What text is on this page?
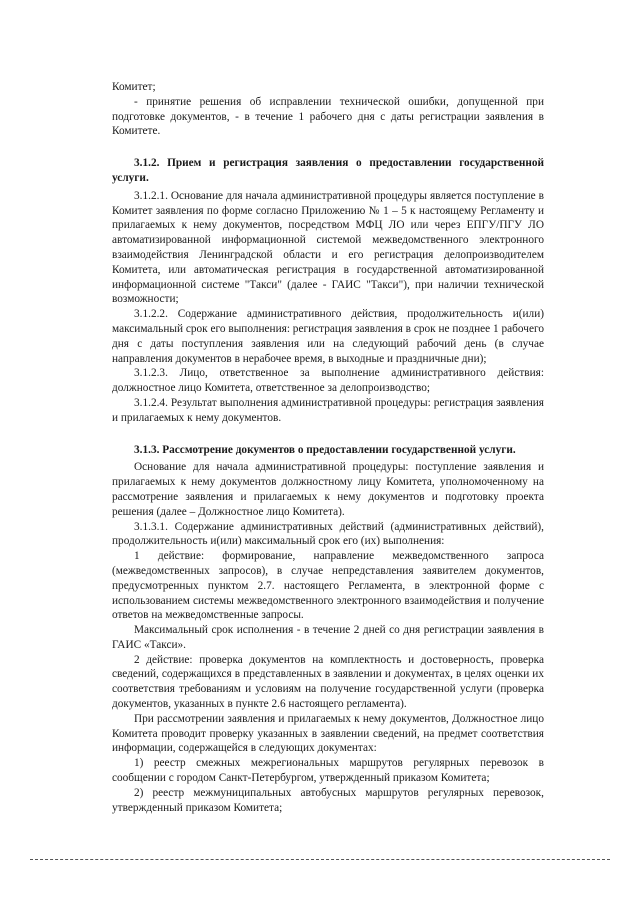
Комитет;

- принятие решения об исправлении технической ошибки, допущенной при подготовке документов, - в течение 1 рабочего дня с даты регистрации заявления в Комитете.

3.1.2. Прием и регистрация заявления о предоставлении государственной услуги.

3.1.2.1. Основание для начала административной процедуры является поступление в Комитет заявления по форме согласно Приложению № 1 – 5 к настоящему Регламенту и прилагаемых к нему документов, посредством МФЦ ЛО или через ЕПГУ/ПГУ ЛО автоматизированной информационной системой межведомственного электронного взаимодействия Ленинградской области и его регистрация делопроизводителем Комитета, или автоматическая регистрация в государственной автоматизированной информационной системе "Такси" (далее - ГАИС "Такси"), при наличии технической возможности;

3.1.2.2. Содержание административного действия, продолжительность и(или) максимальный срок его выполнения: регистрация заявления в срок не позднее 1 рабочего дня с даты поступления заявления или на следующий рабочий день (в случае направления документов в нерабочее время, в выходные и праздничные дни);

3.1.2.3. Лицо, ответственное за выполнение административного действия: должностное лицо Комитета, ответственное за делопроизводство;

3.1.2.4. Результат выполнения административной процедуры: регистрация заявления и прилагаемых к нему документов.

3.1.3. Рассмотрение документов о предоставлении государственной услуги.

Основание для начала административной процедуры: поступление заявления и прилагаемых к нему документов должностному лицу Комитета, уполномоченному на рассмотрение заявления и прилагаемых к нему документов и подготовку проекта решения (далее – Должностное лицо Комитета).

3.1.3.1. Содержание административных действий (административных действий), продолжительность и(или) максимальный срок его (их) выполнения:

1 действие: формирование, направление межведомственного запроса (межведомственных запросов), в случае непредставления заявителем документов, предусмотренных пунктом 2.7. настоящего Регламента, в электронной форме с использованием системы межведомственного электронного взаимодействия и получение ответов на межведомственные запросы.

Максимальный срок исполнения - в течение 2 дней со дня регистрации заявления в ГАИС «Такси».

2 действие: проверка документов на комплектность и достоверность, проверка сведений, содержащихся в представленных в заявлении и документах, в целях оценки их соответствия требованиям и условиям на получение государственной услуги (проверка документов, указанных в пункте 2.6 настоящего регламента).

При рассмотрении заявления и прилагаемых к нему документов, Должностное лицо Комитета проводит проверку указанных в заявлении сведений, на предмет соответствия информации, содержащейся в следующих документах:

1) реестр смежных межрегиональных маршрутов регулярных перевозок в сообщении с городом Санкт-Петербургом, утвержденный приказом Комитета;

2) реестр межмуниципальных автобусных маршрутов регулярных перевозок, утвержденный приказом Комитета;
